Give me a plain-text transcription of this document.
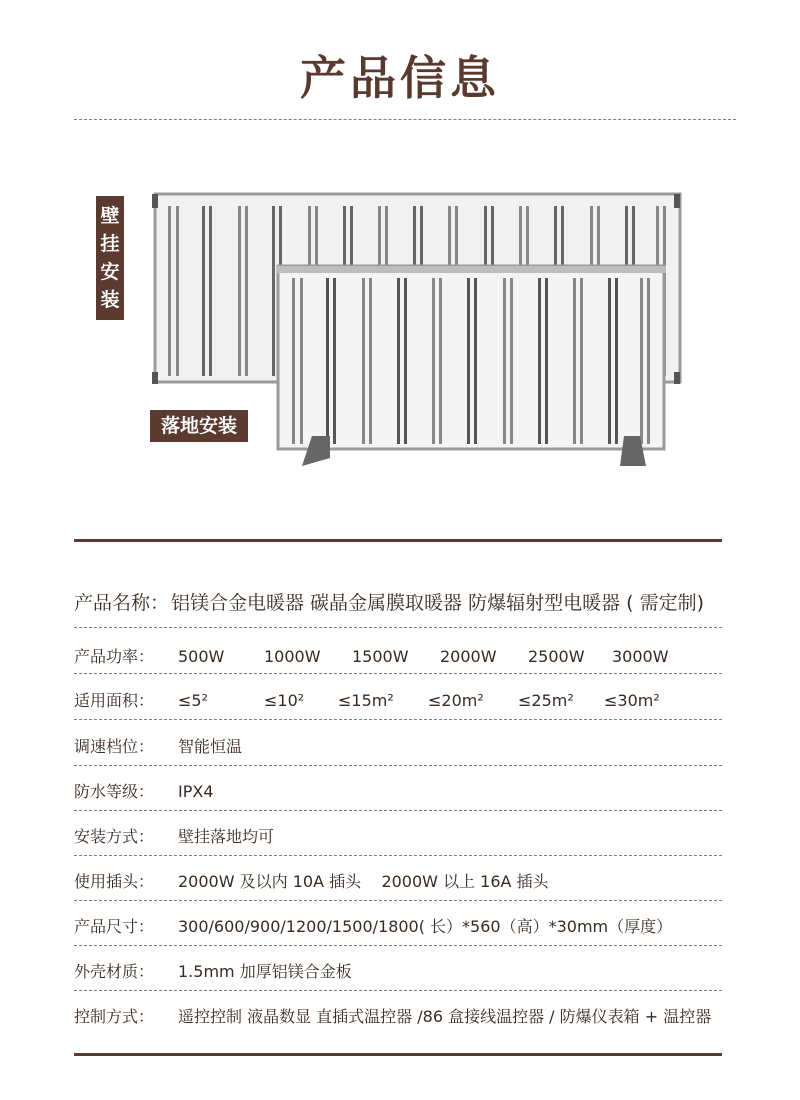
产品信息
壁
挂
安
装
落地安装
产品名称： 铝镁合金电暖器 碳晶金属膜取暖器 防爆辐射型电暖器 ( 需定制)
产品功率： 500W 1000W 1500W 2000W 2500W 3000W
适用面积： ≤5²	≤10² ≤15m² ≤20m² ≤25m² ≤30m²
调速档位： 智能恒温
防水等级： IPX4
安装方式： 壁挂落地均可
使用插头： 2000W 及以内 10A 插头    2000W 以上 16A 插头
产品尺寸： 300/600/900/1200/1500/1800( 长）*560（高）*30mm（厚度）
外壳材质： 1.5mm 加厚铝镁合金板
控制方式： 遥控控制 液晶数显 直插式温控器 /86 盒接线温控器 / 防爆仪表箱 + 温控器
